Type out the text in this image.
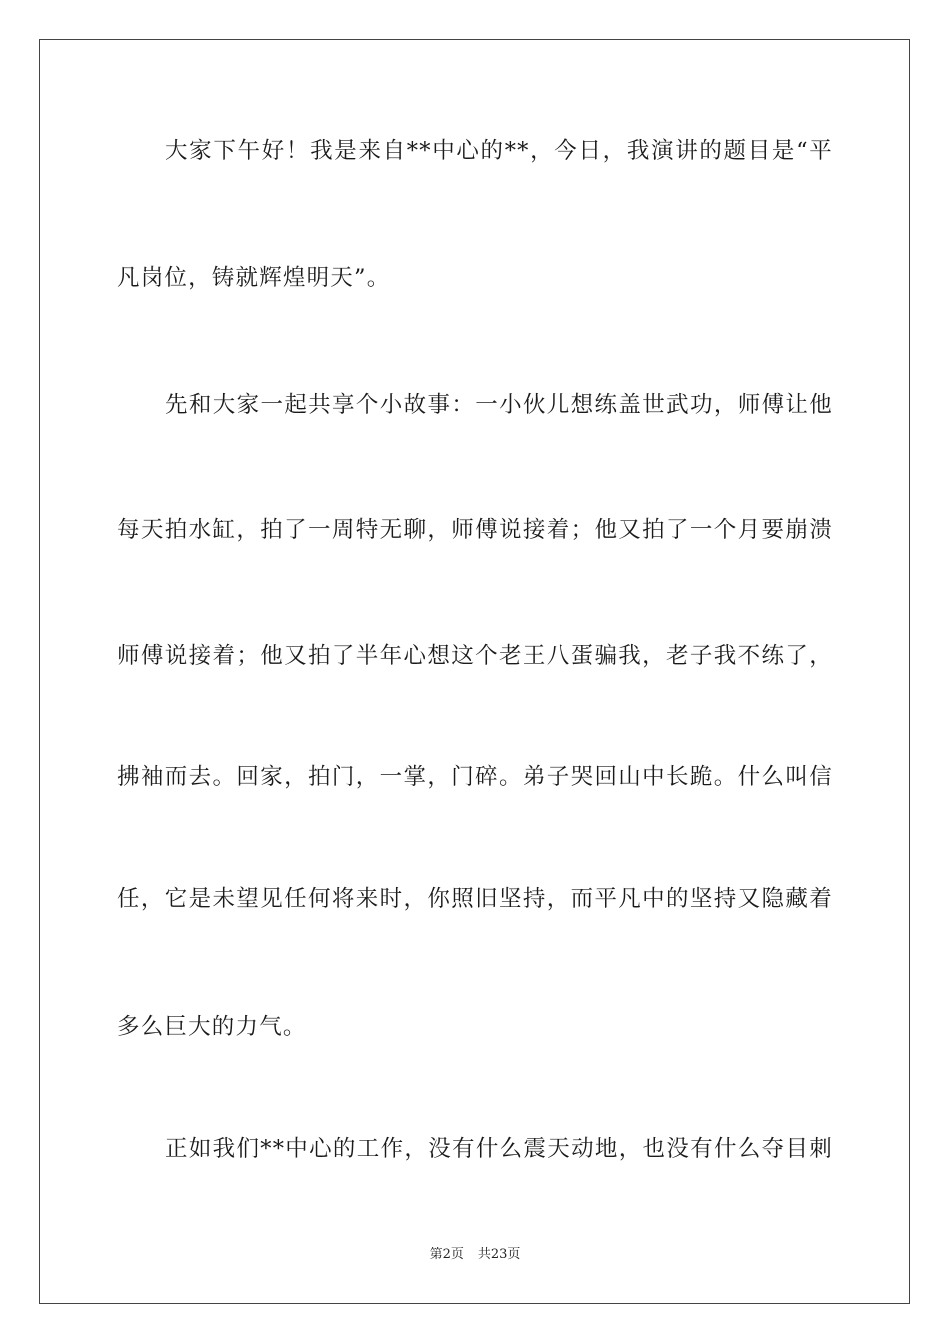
大家下午好！我是来自**中心的**，今日，我演讲的题目是“平
凡岗位，铸就辉煌明天”。
先和大家一起共享个小故事：一小伙儿想练盖世武功，师傅让他
每天拍水缸，拍了一周特无聊，师傅说接着；他又拍了一个月要崩溃
师傅说接着；他又拍了半年心想这个老王八蛋骗我，老子我不练了，
拂袖而去。回家，拍门，一掌，门碎。弟子哭回山中长跪。什么叫信
任，它是未望见任何将来时，你照旧坚持，而平凡中的坚持又隐藏着
多么巨大的力气。
正如我们**中心的工作，没有什么震天动地，也没有什么夺目刺
第2页 共23页
